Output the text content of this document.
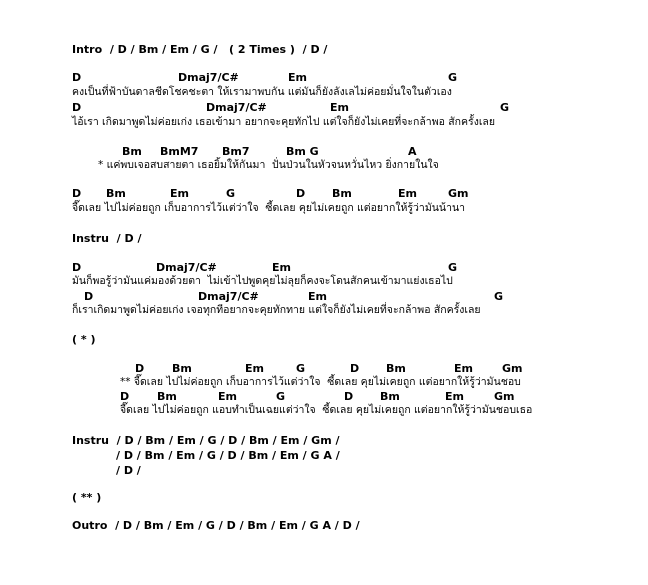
Intro  / D / Bm / Em / G /   ( 2 Times )  / D /
D	Dmaj7/C#	Em	G
คงเป็นที่ฟ้าบันดาลชีดโชคชะตา ให้เรามาพบกัน แต่มันก็ยังลังเลไม่ค่อยมั่นใจในตัวเอง
D	Dmaj7/C#	Em	G
ไอ้เรา เกิดมาพูดไม่ค่อยเก่ง เธอเข้ามา อยากจะคุยทักไป แต่ใจก็ยังไม่เคยที่จะกล้าพอ สักครั้งเลย
Bm BmM7 Bm7	Bm G	A
* แค่พบเจอสบสายตา เธอยิ้มให้กันมา  ปั่นป่วนในหัวจนหวั่นไหว ยิ่งกายในใจ
D Bm	Em	G	D Bm	Em	Gm
จี๊ดเลย ไปไม่ค่อยถูก เก็บอาการไว้แต่ว่าใจ  ซี้ดเลย คุยไม่เคยถูก แต่อยากให้รู้ว่ามันน้านา
Instru  / D /
D	Dmaj7/C#	Em	G
มันก็พอรู้ว่ามันแค่มองด้วยตา  ไม่เข้าไปพูดคุยไม่ลุยก็คงจะโดนสักคนเข้ามาแย่งเธอไป
D	Dmaj7/C#	Em	G
ก็เราเกิดมาพูดไม่ค่อยเก่ง เจอทุกทีอยากจะคุยทักทาย แต่ใจก็ยังไม่เคยที่จะกล้าพอ สักครั้งเลย
( * )
D	Bm	Em	G	D Bm	Em	Gm
** จี๊ดเลย ไปไม่ค่อยถูก เก็บอาการไว้แต่ว่าใจ  ซี้ดเลย คุยไม่เคยถูก แต่อยากให้รู้ว่ามันชอบ
D	Bm	Em	G	D Bm	Em	Gm
จี๊ดเลย ไปไม่ค่อยถูก แอบทำเป็นเฉยแต่ว่าใจ  ซี้ดเลย คุยไม่เคยถูก แต่อยากให้รู้ว่ามันชอบเธอ
Instru  / D / Bm / Em / G / D / Bm / Em / Gm /
/ D / Bm / Em / G / D / Bm / Em / G A /
/ D /
( ** )
Outro  / D / Bm / Em / G / D / Bm / Em / G A / D /
